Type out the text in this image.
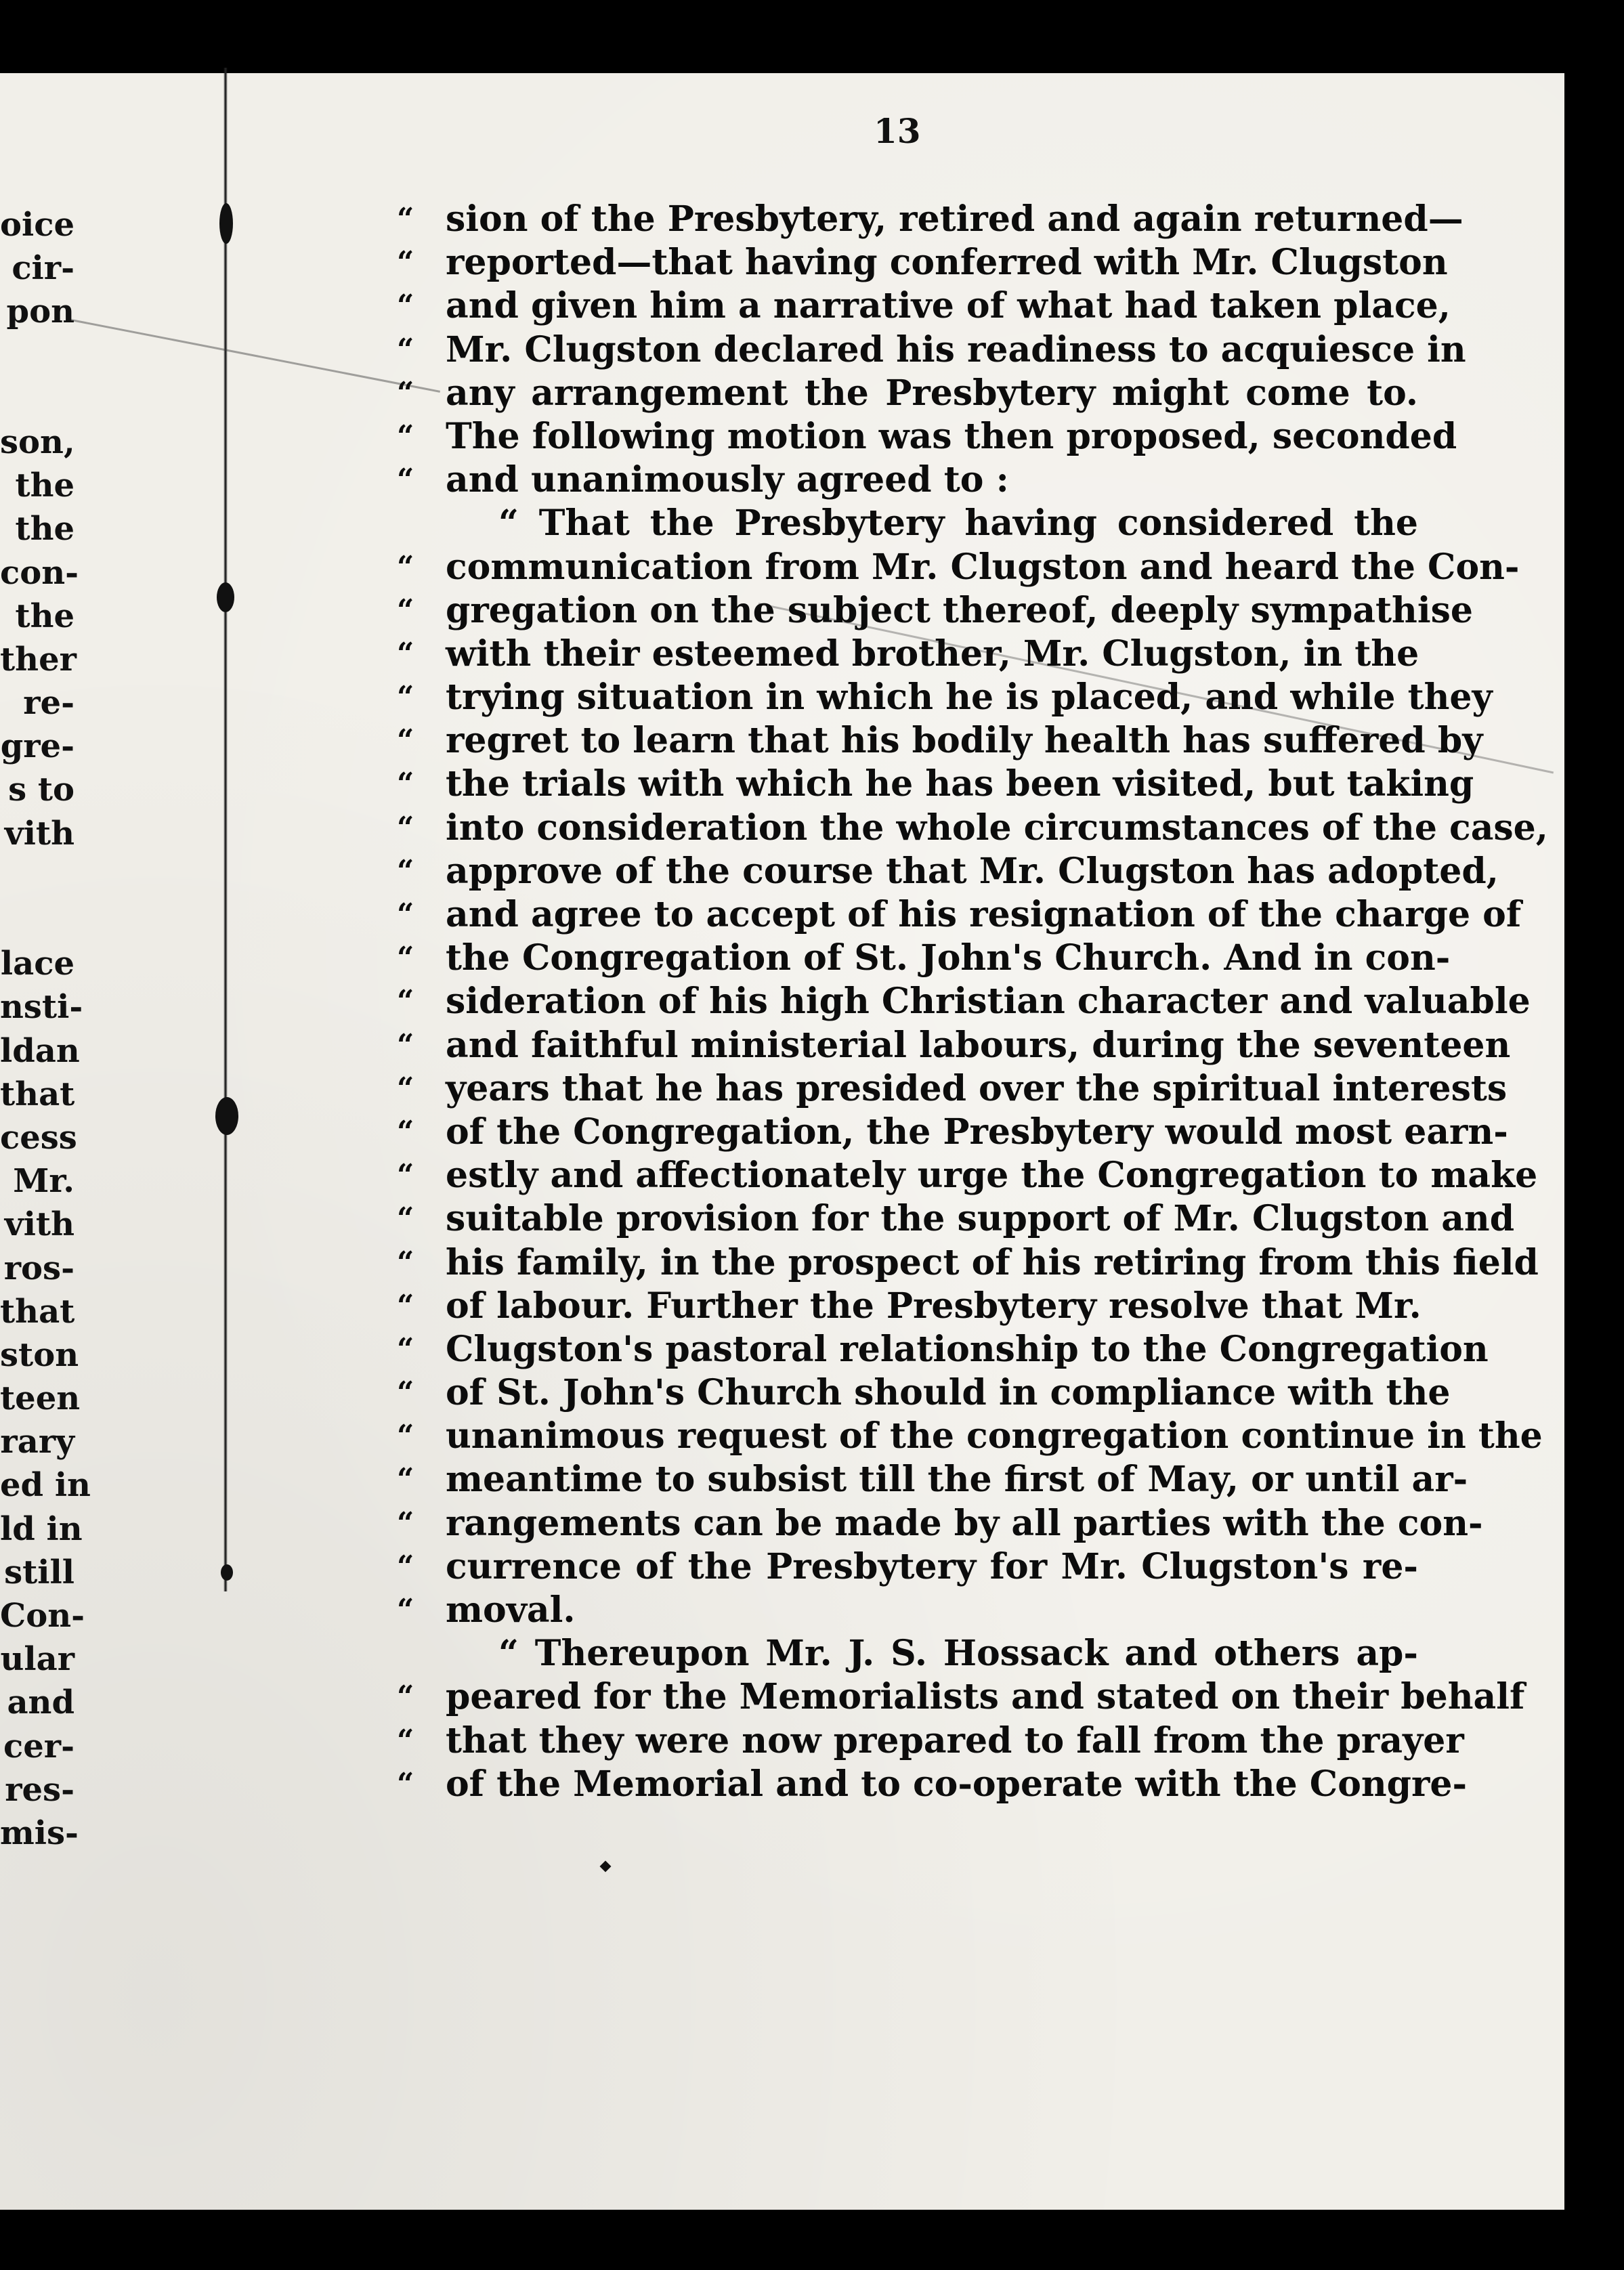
oice
cir-
pon
son,
the
the
con-
the
ther
re-
gre-
s to
vith
lace
nsti-
ldan
that
cess
Mr.
vith
ros-
that
ston
teen
rary
ed in
ld in
still
Con-
ular
and
cer-
res-
mis-
13
“ sion of the Presbytery, retired and again returned—
“ reported—that having conferred with Mr. Clugston
“ and given him a narrative of what had taken place,
“ Mr. Clugston declared his readiness to acquiesce in
“ any arrangement the Presbytery might come to.
“ The following motion was then proposed, seconded
“ and unanimously agreed to :
“ That the Presbytery having considered the
“ communication from Mr. Clugston and heard the Con-
“ gregation on the subject thereof, deeply sympathise
“ with their esteemed brother, Mr. Clugston, in the
“ trying situation in which he is placed, and while they
“ regret to learn that his bodily health has suffered by
“ the trials with which he has been visited, but taking
“ into consideration the whole circumstances of the case,
“ approve of the course that Mr. Clugston has adopted,
“ and agree to accept of his resignation of the charge of
“ the Congregation of St. John's Church. And in con-
“ sideration of his high Christian character and valuable
“ and faithful ministerial labours, during the seventeen
“ years that he has presided over the spiritual interests
“ of the Congregation, the Presbytery would most earn-
“ estly and affectionately urge the Congregation to make
“ suitable provision for the support of Mr. Clugston and
“ his family, in the prospect of his retiring from this field
“ of labour. Further the Presbytery resolve that Mr.
“ Clugston's pastoral relationship to the Congregation
“ of St. John's Church should in compliance with the
“ unanimous request of the congregation continue in the
“ meantime to subsist till the first of May, or until ar-
“ rangements can be made by all parties with the con-
“ currence of the Presbytery for Mr. Clugston's re-
“ moval.
“ Thereupon Mr. J. S. Hossack and others ap-
“ peared for the Memorialists and stated on their behalf
“ that they were now prepared to fall from the prayer
“ of the Memorial and to co-operate with the Congre-
